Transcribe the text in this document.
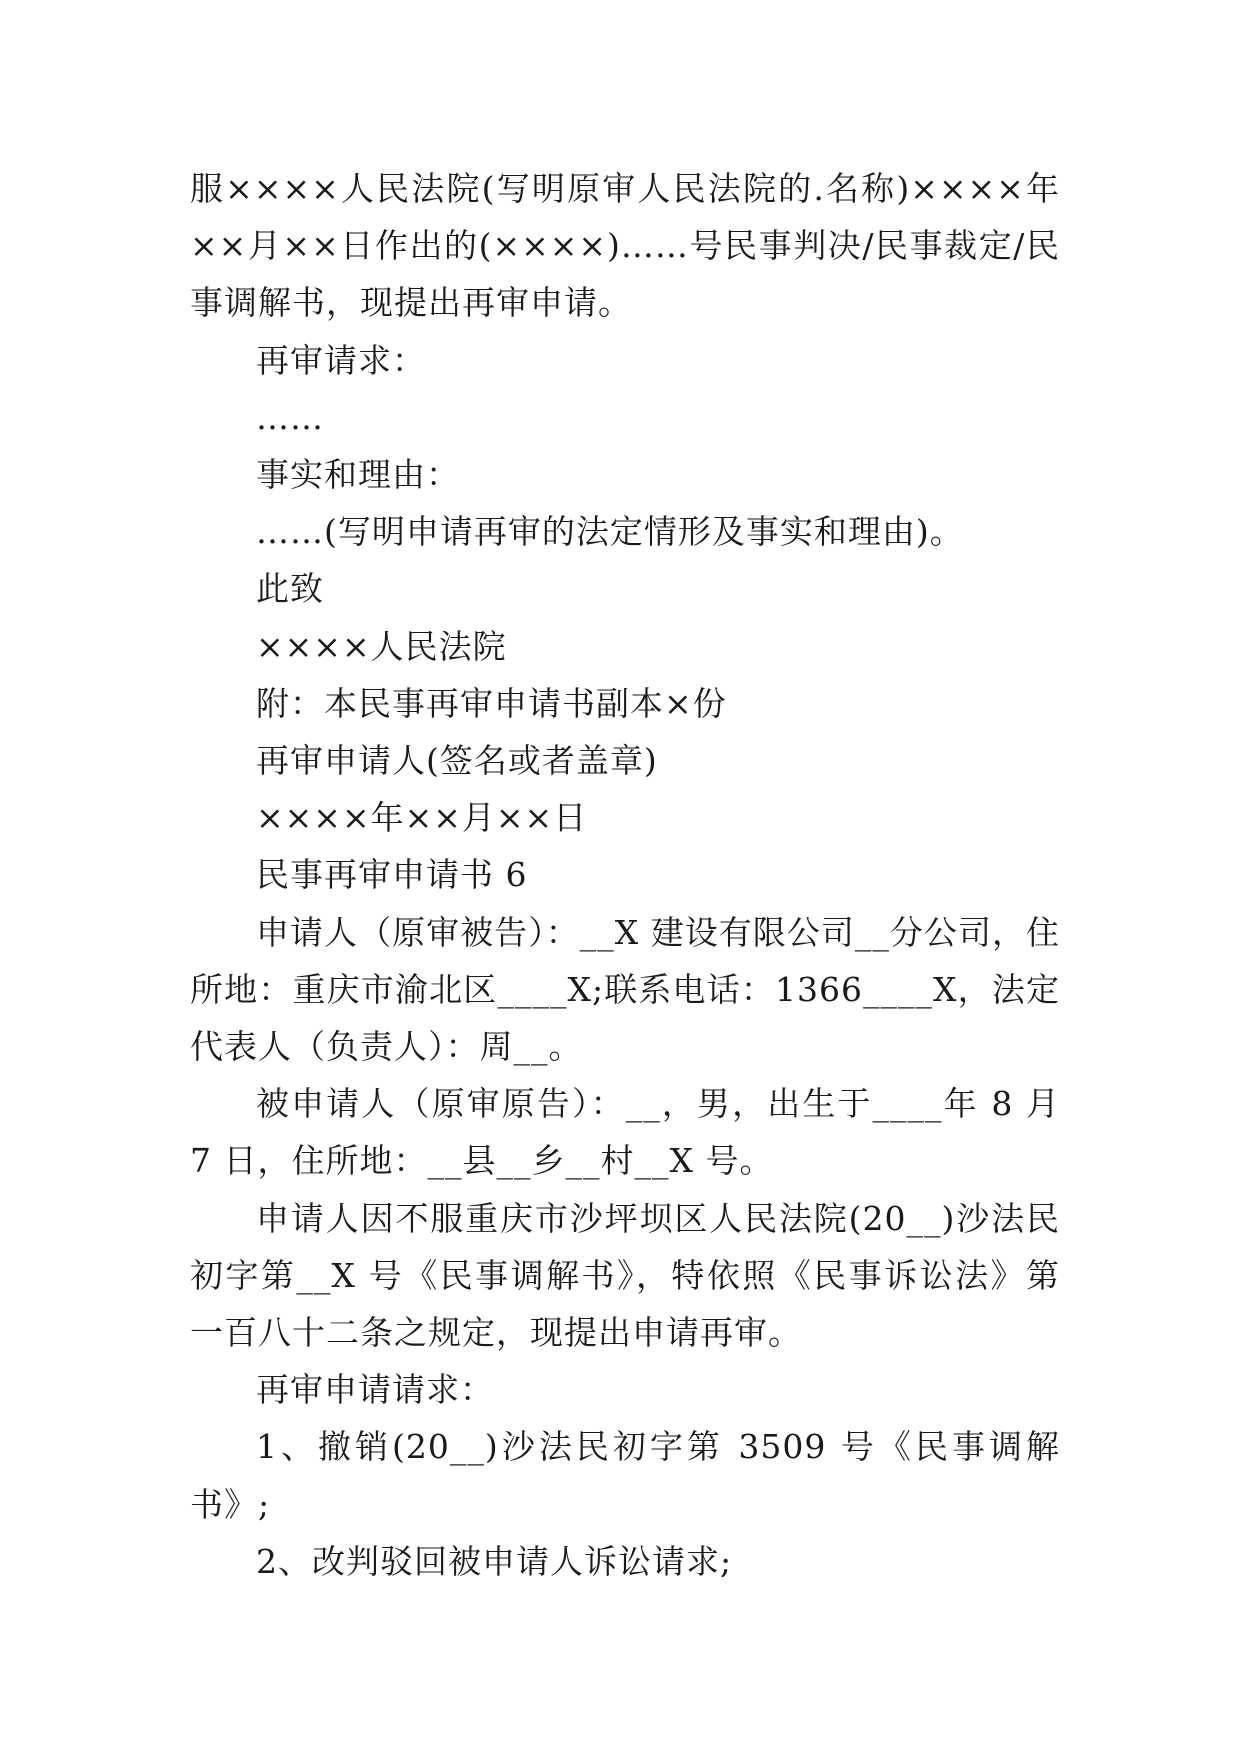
服××××人民法院(写明原审人民法院的.名称)××××年××月××日作出的(××××)……号民事判决/民事裁定/民事调解书，现提出再审申请。

再审请求：

……

事实和理由：

……(写明申请再审的法定情形及事实和理由)。

此致

××××人民法院

附：本民事再审申请书副本×份

再审申请人(签名或者盖章)

××××年××月××日

民事再审申请书 6

申请人（原审被告）：__X 建设有限公司__分公司，住所地：重庆市渝北区____X;联系电话：1366____X，法定代表人（负责人）：周__。

被申请人（原审原告）：__，男，出生于____年 8 月 7 日，住所地：__县__乡__村__X 号。

申请人因不服重庆市沙坪坝区人民法院(20__)沙法民初字第__X 号《民事调解书》，特依照《民事诉讼法》第一百八十二条之规定，现提出申请再审。

再审申请请求：

1、撤销(20__)沙法民初字第 3509 号《民事调解书》;

2、改判驳回被申请人诉讼请求;
